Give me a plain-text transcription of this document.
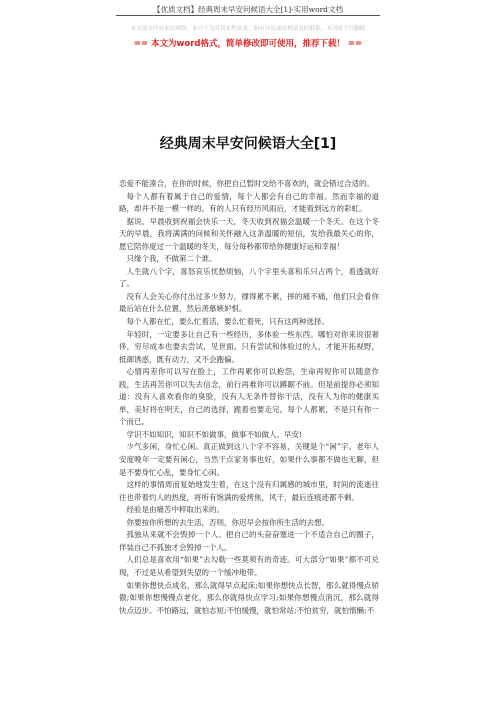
【优质文档】经典周末早安问候语大全[1]-实用word文档
本文部分内容来自网络，本司不为其真实性负责，如有异议或侵权请及时联系，本司将予以删除
== 本文为word格式，简单修改即可使用，推荐下载！ ==
经典周末早安问候语大全[1]

恋爱不能凑合，在你的时候，你把自己暂时交给不喜欢的，就会错过合适的。

每个人都有着属于自己的爱情，每个人都会有自己的幸福。然而幸福的道路，却并不是一模一样的。有的人只有经历风雨后，才能看到远方的彩虹。

据说，早晨收到祝福会快乐一天，冬天收到祝福会温暖一个冬天。在这个冬天的早晨，我将满满的问候和关怀融入这条温暖的短信，发给我最关心的你，愿它陪你度过一个温暖的冬天，每分每秒都带给你健康好运和幸福！

只缘个我，不做第二个谁。

人生就八个字，喜怒哀乐忧愁烦恼，八个字里头喜和乐只占两个，看透就好了。

没有人会关心你付出过多少努力，撑得累不累，摔的痛不痛，他们只会看你最后站在什么位置，然后羡慕嫉妒恨。

每个人都在忙，要么忙着活，要么忙着死，只有这两种选择。

年轻时，一定要多让自己有一些经历，多体验一些东西。哪怕对你来说很奢侈，穷尽成本也要去尝试，见世面。只有尝试和体验过的人，才能开拓视野，抵御诱惑，既有动力，又不会跑偏。

心情再差你可以写在脸上，工作再累你可以抱怨，生命再短你可以随意作践，生活再苦你可以失去信念，前行再难你可以蹲踞不前。但是前提你必须知道：没有人喜欢看你的臭脸，没有人无条件替你干活，没有人为你的健康买单，美好将在明天，自己的选择，跪着也要走完。每个人都累，不是只有你一个而已。

学识不如知识，知识不如做事，做事不如做人。早安!

少气多闲，身忙心闲。真正做到这八个字不容易，关键是个“闲”字。老年人安度晚年一定要有闲心，当然干点家务事也好，如果什么事都不做也无聊，但是不要身忙心乱，要身忙心闲。

这样的事情周而复始地发生着，在这个没有归属感的城市里，时间的流逝往往也带着灼人的热度，将所有饱满的爱烤焦，风干，最后连痕迹都不剩。

经验是由痛苦中粹取出来的。

你要按你所想的去生活，否则，你迟早会按你所生活的去想。

孤独从来就不会毁掉一个人。把自己的头奋奋塞进一个不适合自己的圈子，佯装自己不孤独才会毁掉一个人。

人们总是喜欢用“如果”去勾勒一些莫须有的奇迹。可大部分“如果”都不可兑现，不过是从希望到失望的一个缓冲地带。

如果你想快点成名，那么就得早点起床;如果你想快点长智，那么就得慢点骄傲;如果你想慢慢点老化，那么你就得快点学习;如果你想慢点消沉，那么就得快点迈步。不怕路远，就怕志短;不怕缓慢，就怕常站;不怕贫穷，就怕惰懒;不
